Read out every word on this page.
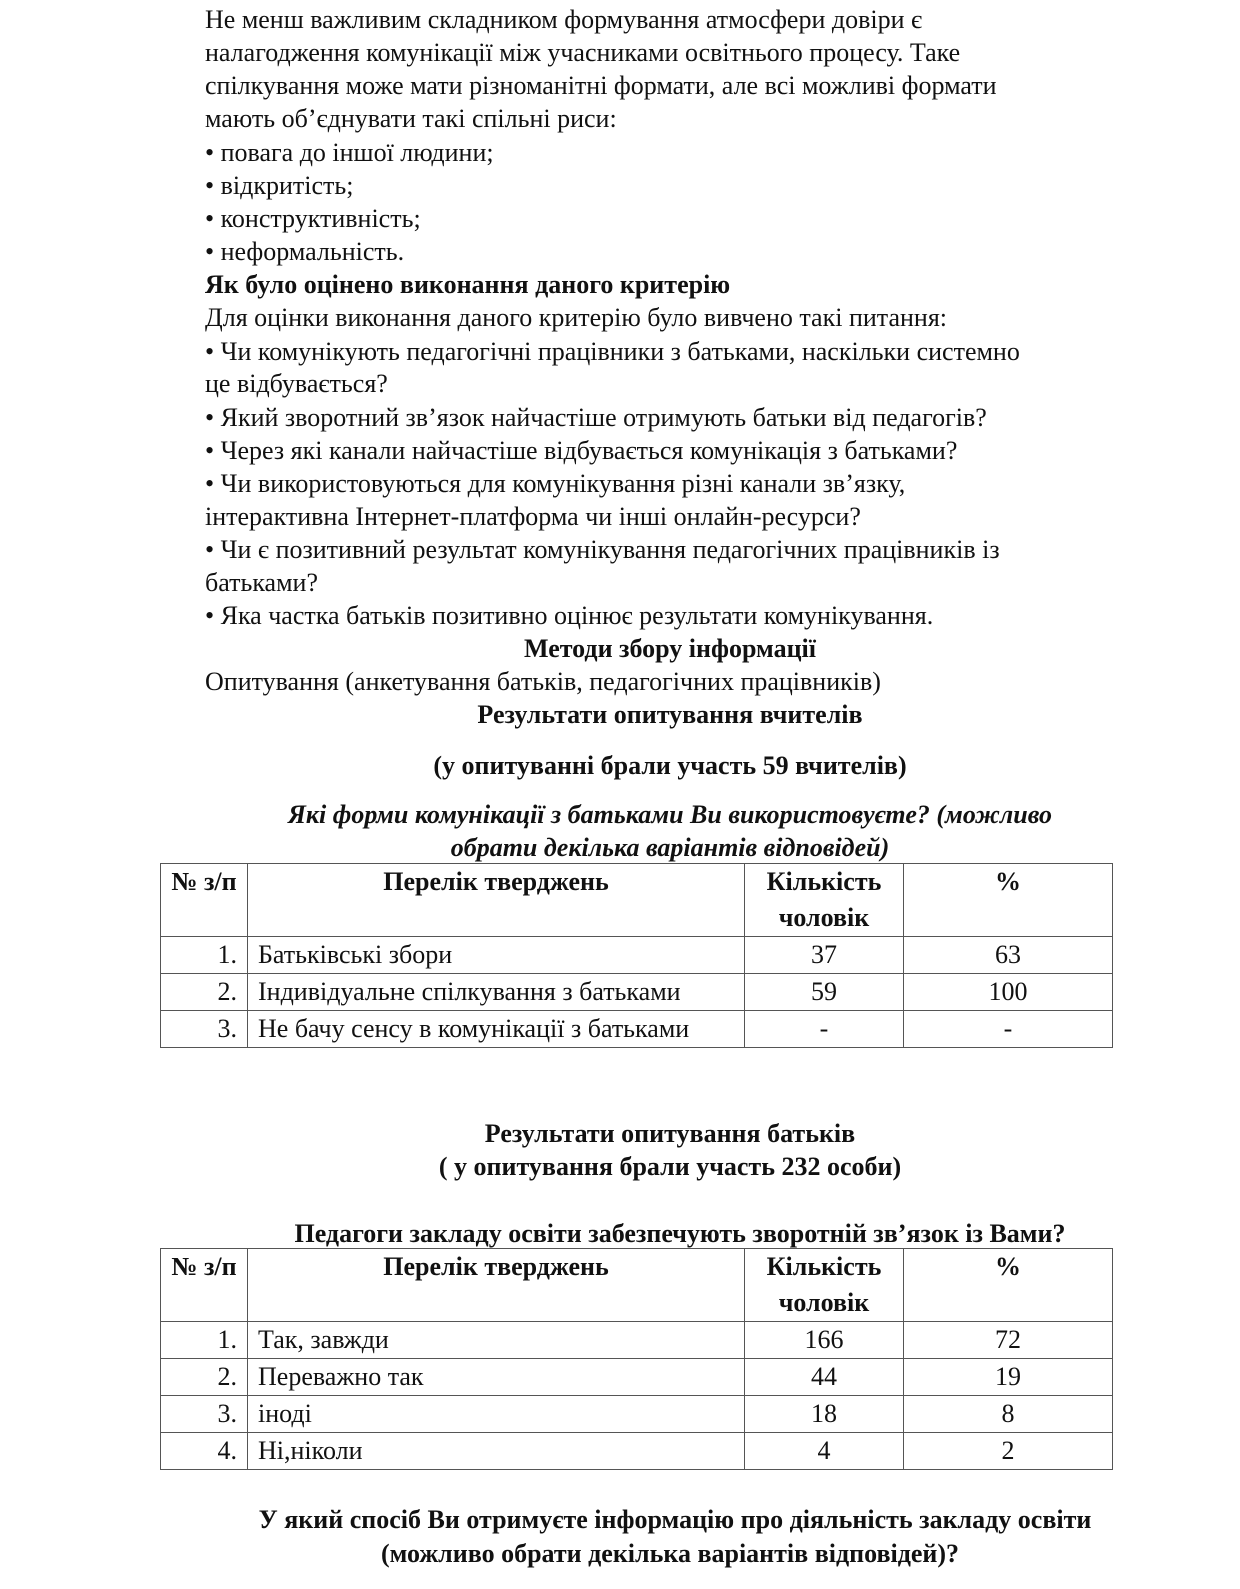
Не менш важливим складником формування атмосфери довіри є
налагодження комунікації між учасниками освітнього процесу. Таке
спілкування може мати різноманітні формати, але всі можливі формати
мають об’єднувати такі спільні риси:
• повага до іншої людини;
• відкритість;
• конструктивність;
• неформальність.
Як було оцінено виконання даного критерію
Для оцінки виконання даного критерію було вивчено такі питання:
• Чи комунікують педагогічні працівники з батьками, наскільки системно
це відбувається?
• Який зворотний зв’язок найчастіше отримують батьки від педагогів?
• Через які канали найчастіше відбувається комунікація з батьками?
• Чи використовуються для комунікування різні канали зв’язку,
інтерактивна Інтернет-платформа чи інші онлайн-ресурси?
• Чи є позитивний результат комунікування педагогічних працівників із
батьками?
• Яка частка батьків позитивно оцінює результати комунікування.
Методи збору інформації
Опитування (анкетування батьків, педагогічних працівників)
Результати опитування вчителів
(у опитуванні брали участь 59 вчителів)
Які форми комунікації з батьками Ви використовуєте? (можливо
обрати декілька варіантів відповідей)
№ з/п	Перелік тверджень	Кількість чоловік	%
1.	Батьківські збори	37	63
2.	Індивідуальне спілкування з батьками	59	100
3.	Не бачу сенсу в комунікації з батьками	-	-
Результати опитування батьків
( у опитування брали участь 232 особи)
Педагоги закладу освіти забезпечують зворотній зв’язок із Вами?
№ з/п	Перелік тверджень	Кількість чоловік	%
1.	Так, завжди	166	72
2.	Переважно так	44	19
3.	іноді	18	8
4.	Ні,ніколи	4	2
У який спосіб Ви отримуєте інформацію про діяльність закладу освіти
(можливо обрати декілька варіантів відповідей)?
